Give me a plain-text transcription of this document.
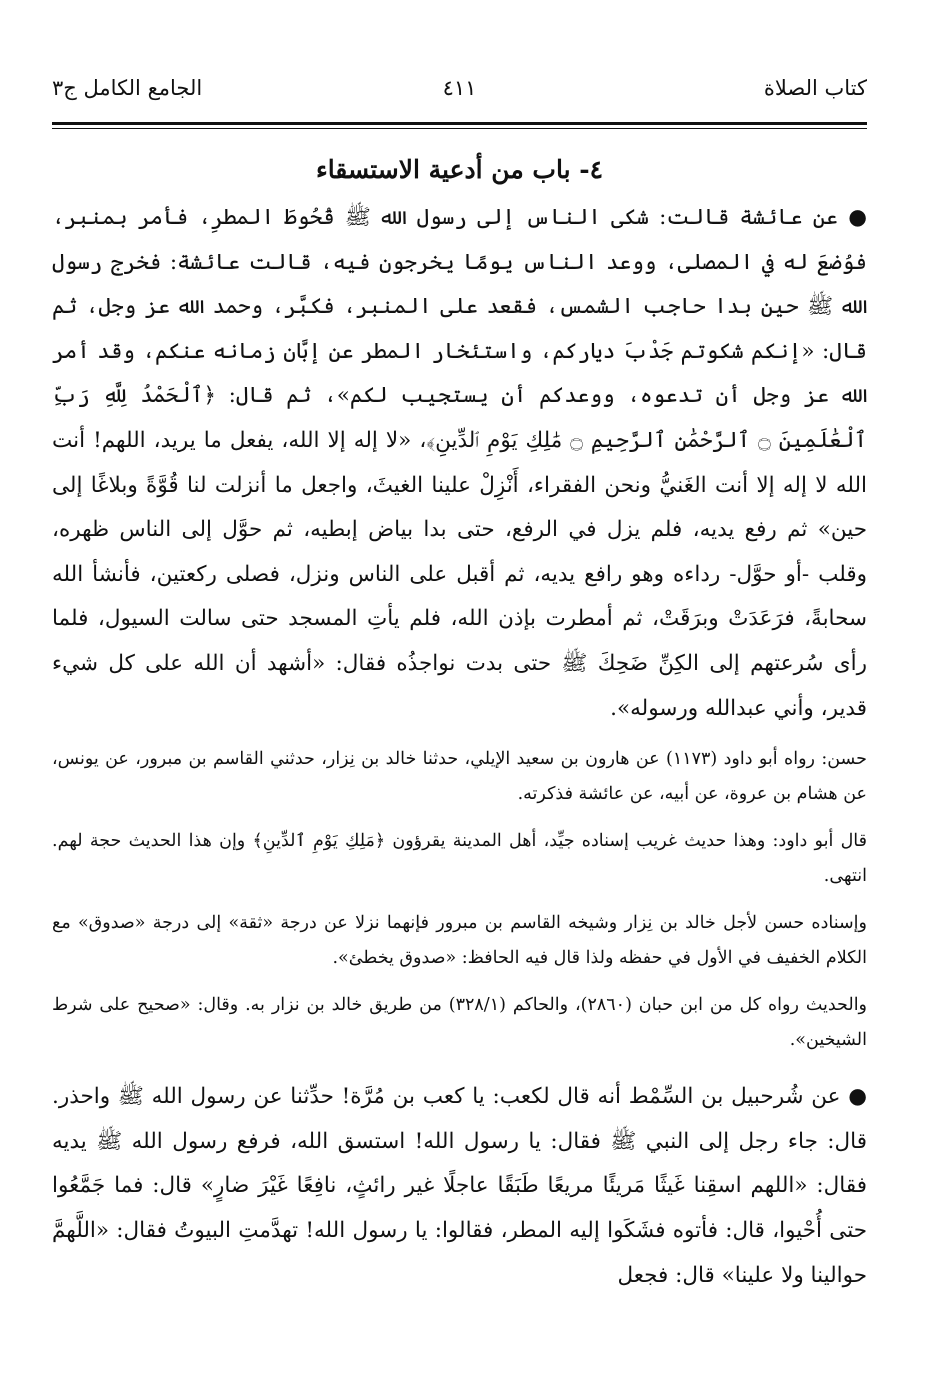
كتاب الصلاة
٤١١
الجامع الكامل ج٣
٤- باب من أدعية الاستسقاء

● عن عائشة قالت: شكى الناس إلى رسول الله ﷺ قُحُوطَ المطرِ، فأمر بمنبر، فوُضعَ له في المصلى، ووعد الناس يومًا يخرجون فيه، قالت عائشة: فخرج رسول الله ﷺ حين بدا حاجب الشمس، فقعد على المنبر، فكبَّر، وحمد الله عز وجل، ثم قال: «إنكم شكوتم جَدْبَ دياركم، واستئخار المطر عن إبَّان زمانه عنكم، وقد أمر الله عز وجل أن تدعوه، ووعدكم أن يستجيب لكم»، ثم قال: ﴿ٱلْحَمْدُ لِلَّهِ رَبِّ ٱلْعَٰلَمِينَ ۝ ٱلرَّحْمَٰنِ ٱلرَّحِيمِ ۝ مَٰلِكِ يَوْمِ ٱلدِّينِ﴾، «لا إله إلا الله، يفعل ما يريد، اللهم! أنت الله لا إله إلا أنت الغَنيُّ ونحن الفقراء، أَنْزِلْ علينا الغيثَ، واجعل ما أنزلت لنا قُوَّةً وبلاغًا إلى حين» ثم رفع يديه، فلم يزل في الرفع، حتى بدا بياض إبطيه، ثم حوَّل إلى الناس ظهره، وقلب -أو حوَّل- رداءه وهو رافع يديه، ثم أقبل على الناس ونزل، فصلى ركعتين، فأنشأ الله سحابةً، فرَعَدَتْ وبرَقَتْ، ثم أمطرت بإذن الله، فلم يأتِ المسجد حتى سالت السيول، فلما رأى سُرعتهم إلى الكِنِّ ضَحِكَ ﷺ حتى بدت نواجذُه فقال: «أشهد أن الله على كل شيء قدير، وأني عبدالله ورسوله».

حسن: رواه أبو داود (١١٧٣) عن هارون بن سعيد الإيلي، حدثنا خالد بن نِزار، حدثني القاسم بن مبرور، عن يونس، عن هشام بن عروة، عن أبيه، عن عائشة فذكرته.

قال أبو داود: وهذا حديث غريب إسناده جيِّد، أهل المدينة يقرؤون ﴿مَلِكِ يَوْمِ ٱلدِّينِ﴾ وإن هذا الحديث حجة لهم. انتهى.

وإسناده حسن لأجل خالد بن نِزار وشيخه القاسم بن مبرور فإنهما نزلا عن درجة «ثقة» إلى درجة «صدوق» مع الكلام الخفيف في الأول في حفظه ولذا قال فيه الحافظ: «صدوق يخطئ».

والحديث رواه كل من ابن حبان (٢٨٦٠)، والحاكم (٣٢٨/١) من طريق خالد بن نزار به. وقال: «صحيح على شرط الشيخين».

● عن شُرحبيل بن السِّمْط أنه قال لكعب: يا كعب بن مُرَّة! حدِّثنا عن رسول الله ﷺ واحذر. قال: جاء رجل إلى النبي ﷺ فقال: يا رسول الله! استسق الله، فرفع رسول الله ﷺ يديه فقال: «اللهم اسقِنا غَيثًا مَريئًا مريعًا طَبَقًا عاجلًا غير رائثٍ، نافِعًا غَيْرَ ضارٍ» قال: فما جَمَّعُوا حتى أُحْيوا، قال: فأتوه فشَكَوا إليه المطر، فقالوا: يا رسول الله! تهدَّمتِ البيوتُ فقال: «اللَّهمَّ حوالينا ولا علينا» قال: فجعل
